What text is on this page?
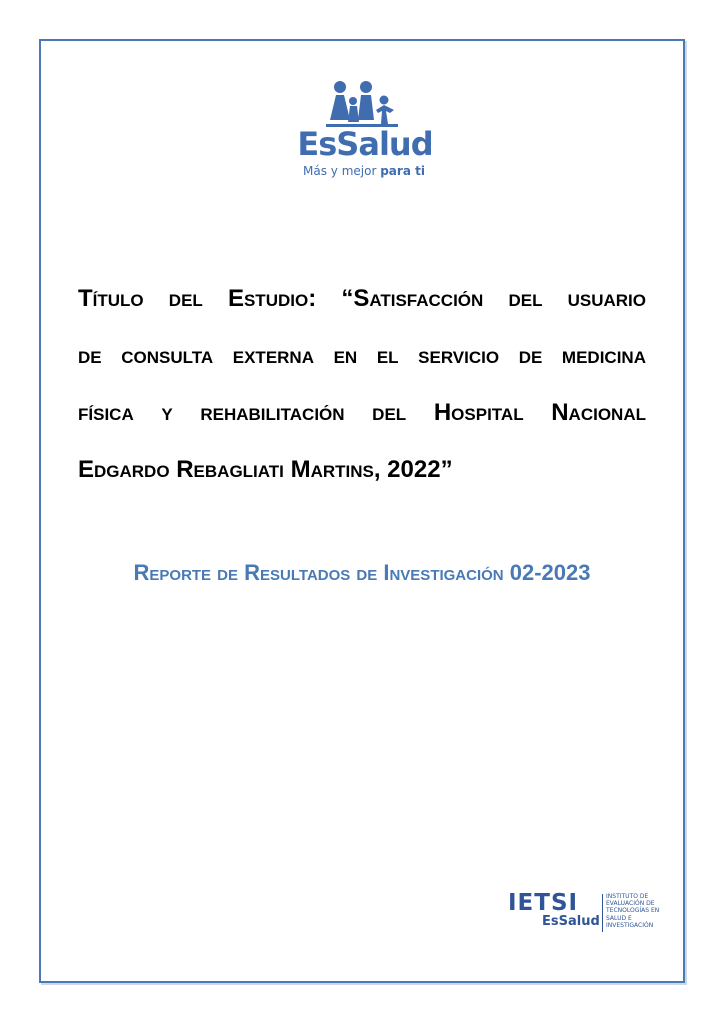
EsSalud
Más y mejor para ti
Título del Estudio: “Satisfacción del usuario
de consulta externa en el servicio de medicina
física y rehabilitación del Hospital Nacional
Edgardo Rebagliati Martins, 2022”
Reporte de Resultados de Investigación 02-2023
IETSI
EsSalud
INSTITUTO DE
EVALUACIÓN DE
TECNOLOGÍAS EN
SALUD E
INVESTIGACIÓN
